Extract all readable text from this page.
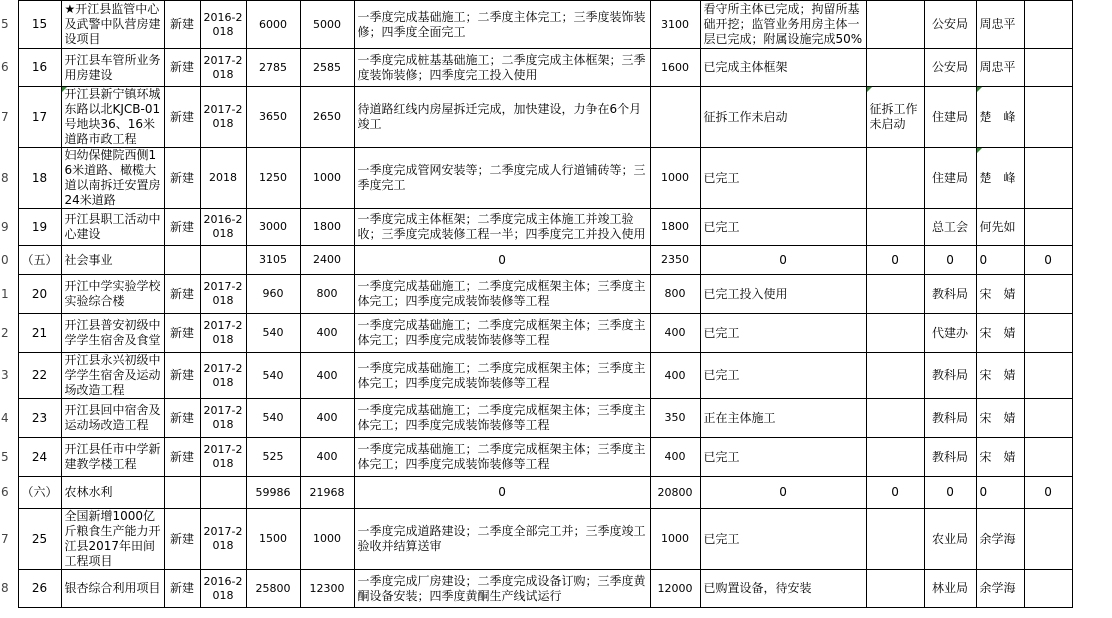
5	15	★开江县监管中心及武警中队营房建设项目	新建	2016-2018	6000	5000	一季度完成基础施工；二季度主体完工；三季度装饰装修；四季度全面完工	3100	看守所主体已完成；拘留所基础开挖；监管业务用房主体一层已完成；附属设施完成50%		公安局	周忠平	
6	16	开江县车管所业务用房建设	新建	2017-2018	2785	2585	一季度完成桩基基础施工；二季度完成主体框架；三季度装饰装修；四季度完工投入使用	1600	已完成主体框架		公安局	周忠平	
7	17	开江县新宁镇环城东路以北KJCB-01号地块36、16米道路市政工程	新建	2017-2018	3650	2650	待道路红线内房屋拆迁完成，加快建设，力争在6个月竣工		征拆工作未启动	征拆工作未启动	住建局	楚　峰	
8	18	妇幼保健院西侧16米道路、橄榄大道以南拆迁安置房24米道路	新建	2018	1250	1000	一季度完成管网安装等；二季度完成人行道铺砖等；三季度完工	1000	已完工		住建局	楚　峰	
9	19	开江县职工活动中心建设	新建	2016-2018	3000	1800	一季度完成主体框架；二季度完成主体施工并竣工验收；三季度完成装修工程一半；四季度完工并投入使用	1800	已完工		总工会	何先如	
0	（五）	社会事业			3105	2400	0	2350	0	0	0	0	0
1	20	开江中学实验学校实验综合楼	新建	2017-2018	960	800	一季度完成基础施工；二季度完成框架主体；三季度主体完工；四季度完成装饰装修等工程	800	已完工投入使用		教科局	宋　婧	
2	21	开江县普安初级中学学生宿舍及食堂	新建	2017-2018	540	400	一季度完成基础施工；二季度完成框架主体；三季度主体完工；四季度完成装饰装修等工程	400	已完工		代建办	宋　婧	
3	22	开江县永兴初级中学学生宿舍及运动场改造工程	新建	2017-2018	540	400	一季度完成基础施工；二季度完成框架主体；三季度主体完工；四季度完成装饰装修等工程	400	已完工		教科局	宋　婧	
4	23	开江县回中宿舍及运动场改造工程	新建	2017-2018	540	400	一季度完成基础施工；二季度完成框架主体；三季度主体完工；四季度完成装饰装修等工程	350	正在主体施工		教科局	宋　婧	
5	24	开江县任市中学新建教学楼工程	新建	2017-2018	525	400	一季度完成基础施工；二季度完成框架主体；三季度主体完工；四季度完成装饰装修等工程	400	已完工		教科局	宋　婧	
6	（六）	农林水利			59986	21968	0	20800	0	0	0	0	0
7	25	全国新增1000亿斤粮食生产能力开江县2017年田间工程项目	新建	2017-2018	1500	1000	一季度完成道路建设；二季度全部完工并；三季度竣工验收并结算送审	1000	已完工		农业局	余学海	
8	26	银杏综合利用项目	新建	2016-2018	25800	12300	一季度完成厂房建设；二季度完成设备订购；三季度黄酮设备安装；四季度黄酮生产线试运行	12000	已购置设备，待安装		林业局	余学海	
